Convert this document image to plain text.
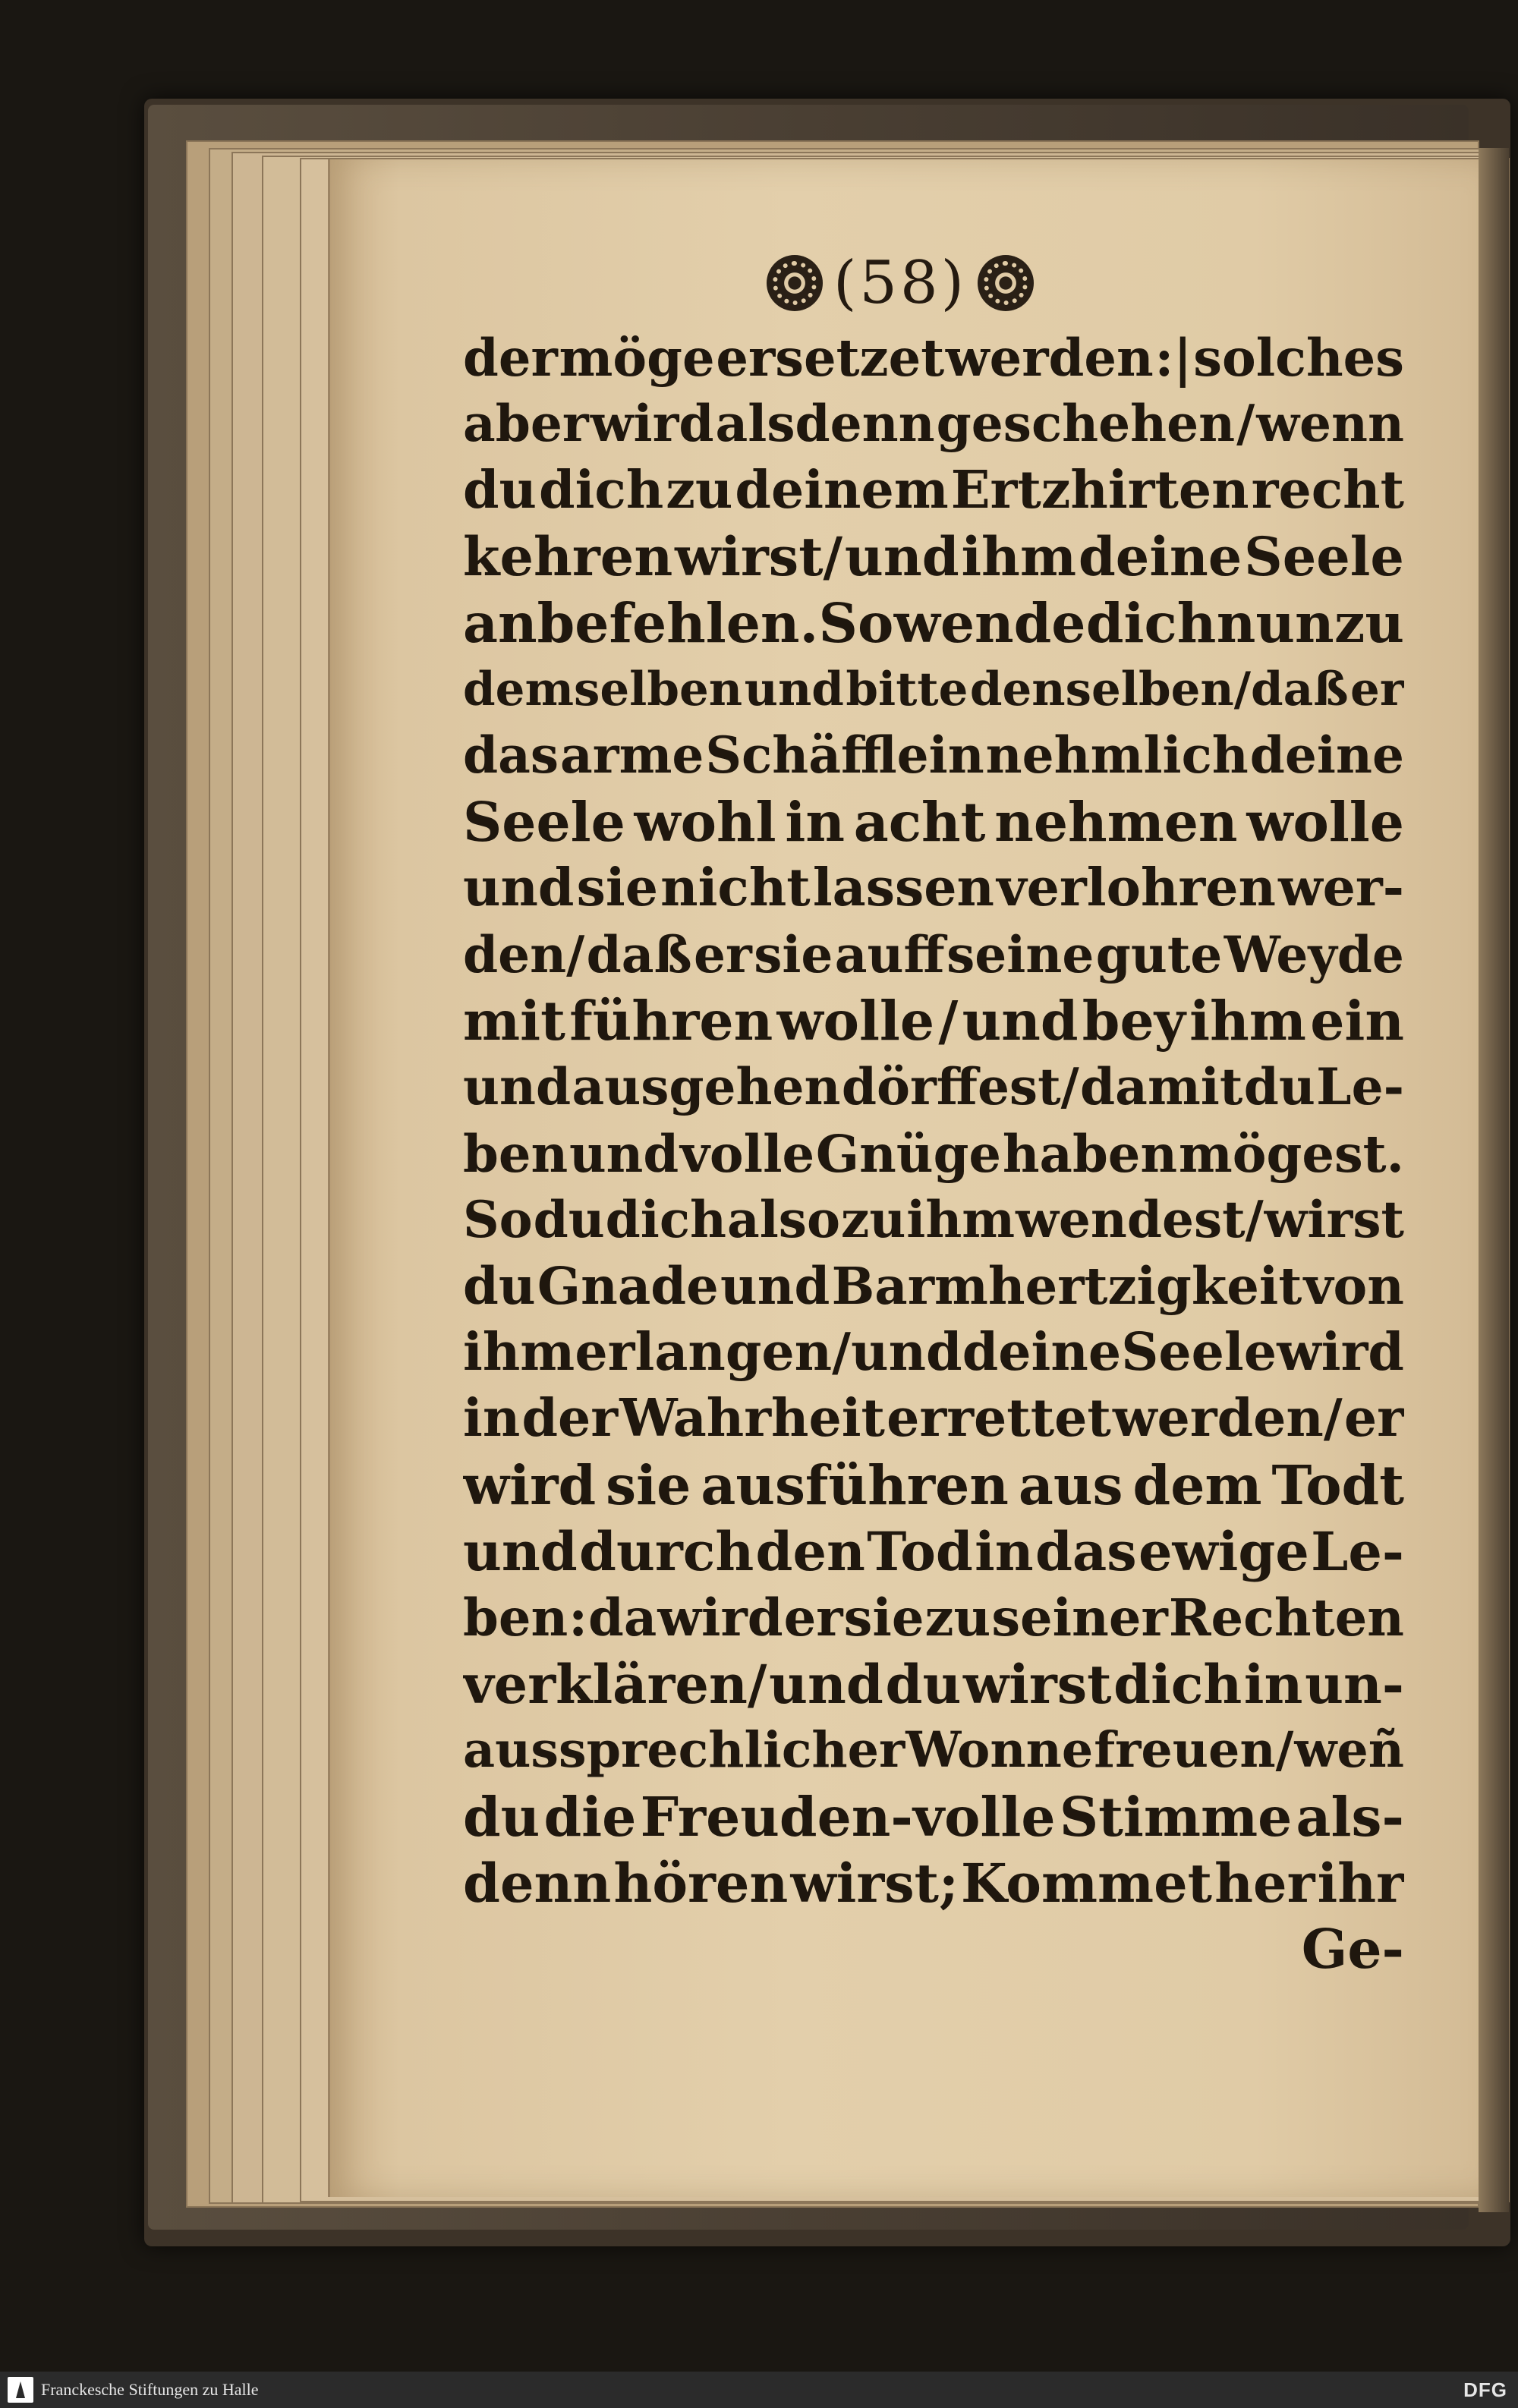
(58)
der möge ersetzet werden :| solches
aber wird alsdenn geschehen / wenn
du dich zu deinem Ertzhirten recht
kehren wirst/ und ihm deine Seele
anbefehlen. So wende dich nun zu
demselben und bitte denselben/daß er
das arme Schäfflein nehmlich deine
Seele wohl in acht nehmen wolle
und sie nicht lassen verlohren wer-
den/ daß er sie auff seine gute Weyde
mit führen wolle / und bey ihm ein
und ausgehen dörffest/ damit du Le-
ben und volle Gnüge haben mögest.
So du dich also zu ihm wendest/ wirst
du Gnade und Barmhertzigkeit von
ihm erlangen/ und deine Seele wird
in der Wahrheit errettet werden/ er
wird sie ausführen aus dem Todt
und durch den Tod in das ewige Le-
ben : da wird er sie zu seiner Rechten
verklären/ und du wirst dich in un-
aussprechlicher Wonne freuen/ weñ
du die Freuden-volle Stimme als-
denn hören wirst; Kommet her ihr
Ge-
Franckesche Stiftungen zu Halle	DFG
